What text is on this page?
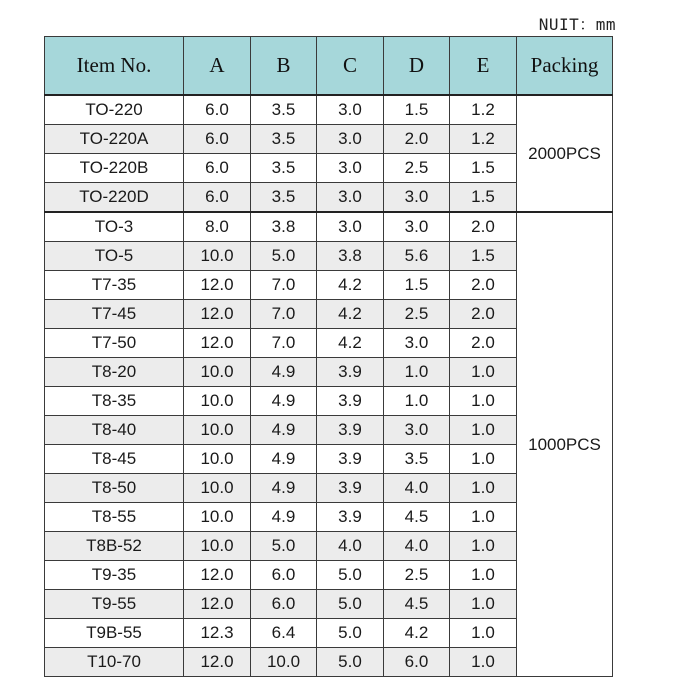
NUIT：mm
Item No.	A	B	C	D	E	Packing
TO-220	6.0	3.5	3.0	1.5	1.2	2000PCS
TO-220A	6.0	3.5	3.0	2.0	1.2	
TO-220B	6.0	3.5	3.0	2.5	1.5	
TO-220D	6.0	3.5	3.0	3.0	1.5	
TO-3	8.0	3.8	3.0	3.0	2.0	1000PCS
TO-5	10.0	5.0	3.8	5.6	1.5	
T7-35	12.0	7.0	4.2	1.5	2.0	
T7-45	12.0	7.0	4.2	2.5	2.0	
T7-50	12.0	7.0	4.2	3.0	2.0	
T8-20	10.0	4.9	3.9	1.0	1.0	
T8-35	10.0	4.9	3.9	1.0	1.0	
T8-40	10.0	4.9	3.9	3.0	1.0	
T8-45	10.0	4.9	3.9	3.5	1.0	
T8-50	10.0	4.9	3.9	4.0	1.0	
T8-55	10.0	4.9	3.9	4.5	1.0	
T8B-52	10.0	5.0	4.0	4.0	1.0	
T9-35	12.0	6.0	5.0	2.5	1.0	
T9-55	12.0	6.0	5.0	4.5	1.0	
T9B-55	12.3	6.4	5.0	4.2	1.0	
T10-70	12.0	10.0	5.0	6.0	1.0	
